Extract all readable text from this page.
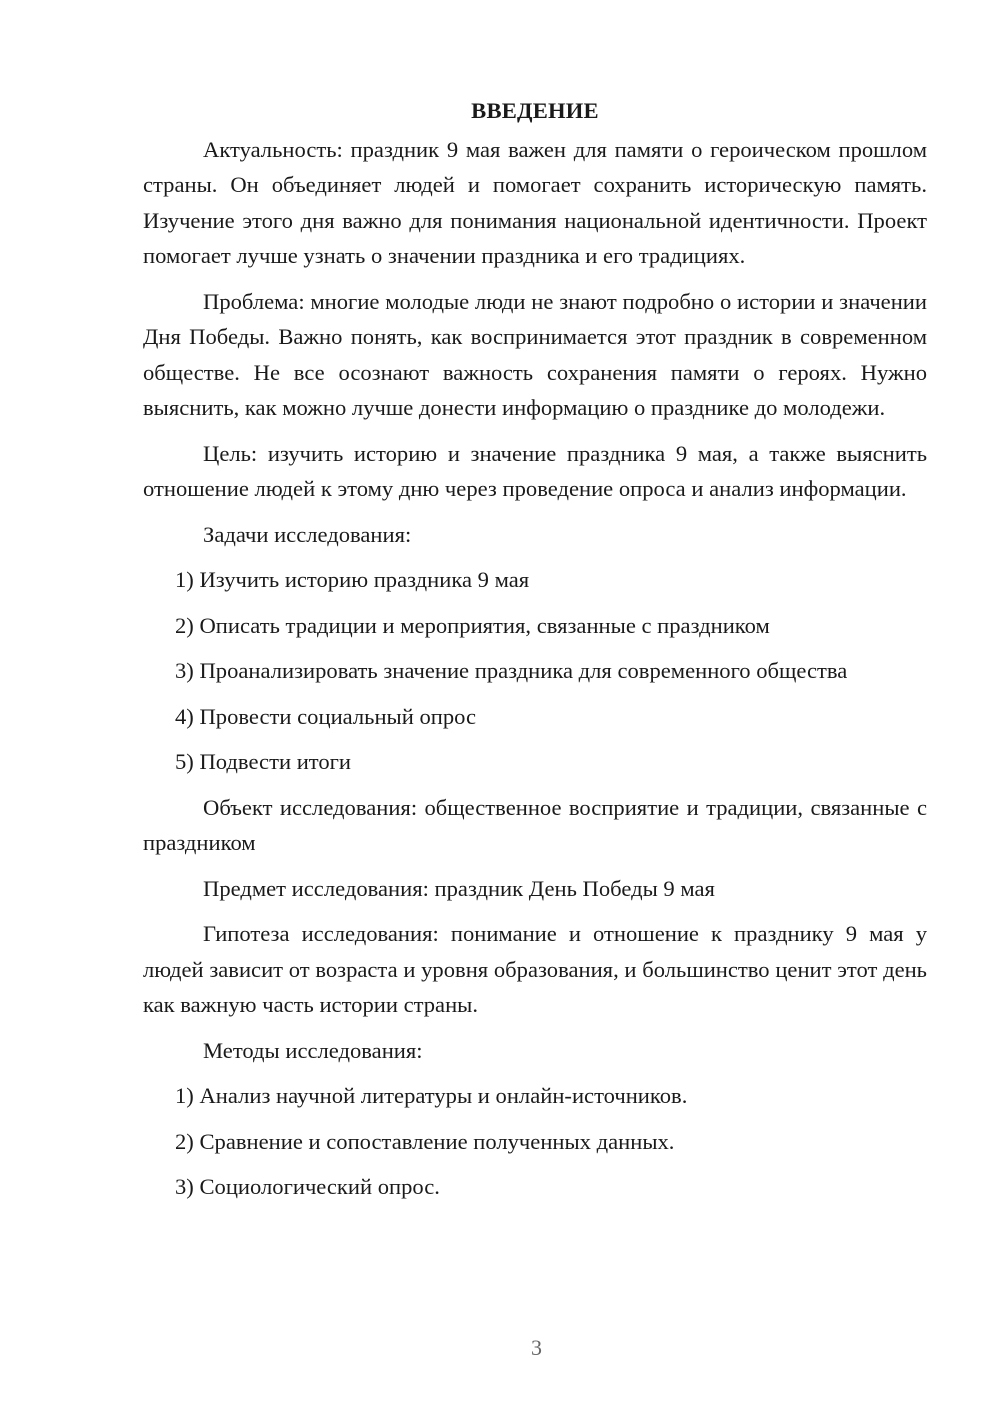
ВВЕДЕНИЕ

Актуальность: праздник 9 мая важен для памяти о героическом прошлом страны. Он объединяет людей и помогает сохранить историческую память. Изучение этого дня важно для понимания национальной идентичности. Проект помогает лучше узнать о значении праздника и его традициях.

Проблема: многие молодые люди не знают подробно о истории и значении Дня Победы. Важно понять, как воспринимается этот праздник в современном обществе. Не все осознают важность сохранения памяти о героях. Нужно выяснить, как можно лучше донести информацию о празднике до молодежи.

Цель: изучить историю и значение праздника 9 мая, а также выяснить отношение людей к этому дню через проведение опроса и анализ информации.

Задачи исследования:

1) Изучить историю праздника 9 мая
2) Описать традиции и мероприятия, связанные с праздником
3) Проанализировать значение праздника для современного общества
4) Провести социальный опрос
5) Подвести итоги

Объект исследования: общественное восприятие и традиции, связанные с праздником

Предмет исследования: праздник День Победы 9 мая

Гипотеза исследования: понимание и отношение к празднику 9 мая у людей зависит от возраста и уровня образования, и большинство ценит этот день как важную часть истории страны.

Методы исследования:

1) Анализ научной литературы и онлайн-источников.
2) Сравнение и сопоставление полученных данных.
3) Социологический опрос.
3
